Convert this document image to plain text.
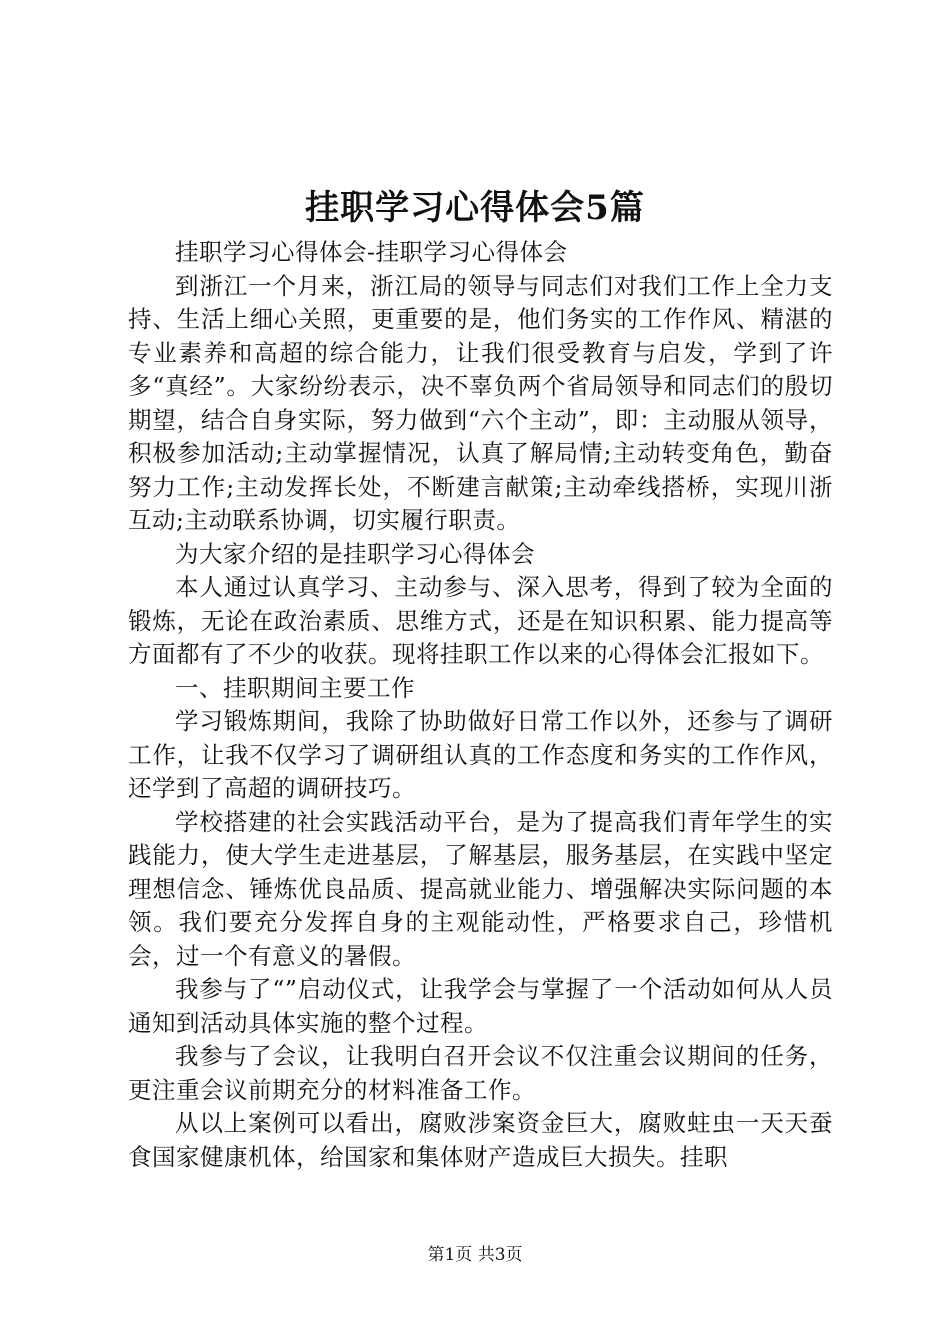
挂职学习心得体会5篇

挂职学习心得体会-挂职学习心得体会

到浙江一个月来，浙江局的领导与同志们对我们工作上全力支持、生活上细心关照，更重要的是，他们务实的工作作风、精湛的专业素养和高超的综合能力，让我们很受教育与启发，学到了许多“真经”。大家纷纷表示，决不辜负两个省局领导和同志们的殷切期望，结合自身实际，努力做到“六个主动”，即：主动服从领导，积极参加活动;主动掌握情况，认真了解局情;主动转变角色，勤奋努力工作;主动发挥长处，不断建言献策;主动牵线搭桥，实现川浙互动;主动联系协调，切实履行职责。

为大家介绍的是挂职学习心得体会

本人通过认真学习、主动参与、深入思考，得到了较为全面的锻炼，无论在政治素质、思维方式，还是在知识积累、能力提高等方面都有了不少的收获。现将挂职工作以来的心得体会汇报如下。

一、挂职期间主要工作

学习锻炼期间，我除了协助做好日常工作以外，还参与了调研工作，让我不仅学习了调研组认真的工作态度和务实的工作作风，还学到了高超的调研技巧。

学校搭建的社会实践活动平台，是为了提高我们青年学生的实践能力，使大学生走进基层，了解基层，服务基层，在实践中坚定理想信念、锤炼优良品质、提高就业能力、增强解决实际问题的本领。我们要充分发挥自身的主观能动性，严格要求自己，珍惜机会，过一个有意义的暑假。

我参与了“”启动仪式，让我学会与掌握了一个活动如何从人员通知到活动具体实施的整个过程。

我参与了会议，让我明白召开会议不仅注重会议期间的任务，更注重会议前期充分的材料准备工作。

从以上案例可以看出，腐败涉案资金巨大，腐败蛀虫一天天蚕食国家健康机体，给国家和集体财产造成巨大损失。挂职

第1页 共3页
